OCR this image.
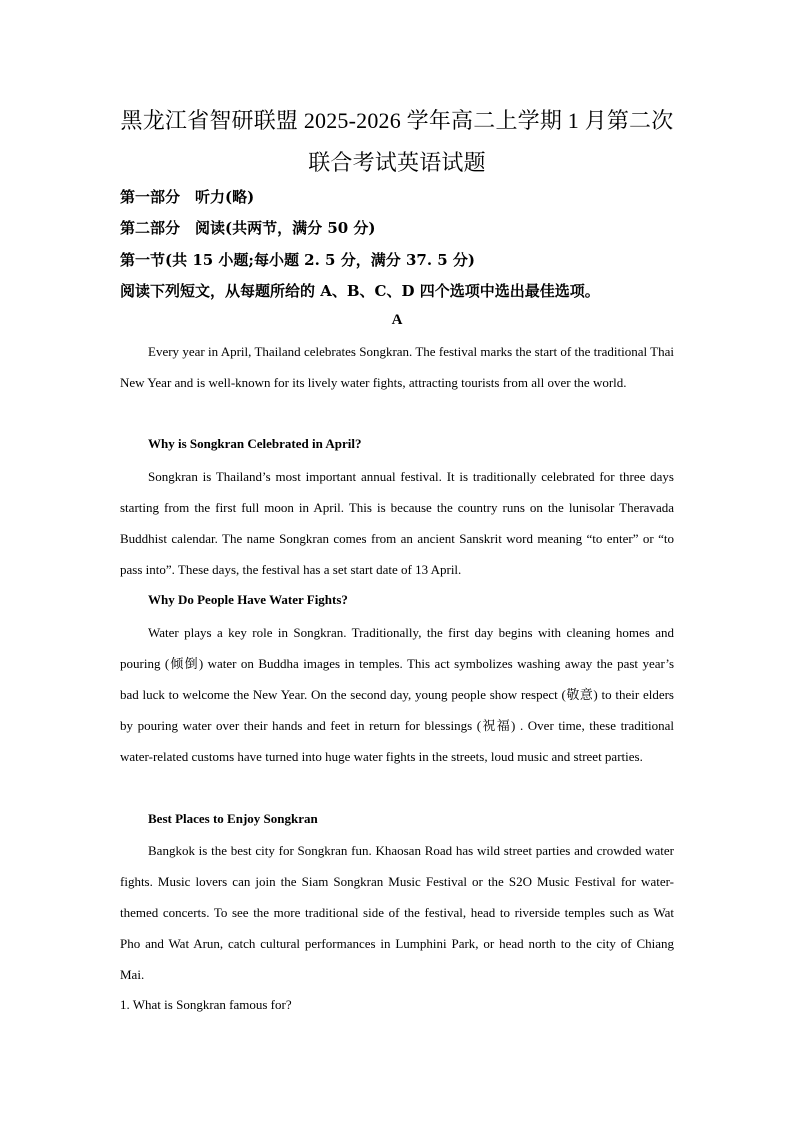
黑龙江省智研联盟 2025-2026 学年高二上学期 1 月第二次
联合考试英语试题
第一部分　听力(略)
第二部分　阅读(共两节，满分 50 分)
第一节(共 15 小题;每小题 2. 5 分，满分 37. 5 分)
阅读下列短文，从每题所给的 A、B、C、D 四个选项中选出最佳选项。
A

Every year in April, Thailand celebrates Songkran. The festival marks the start of the traditional Thai New Year and is well-known for its lively water fights, attracting tourists from all over the world.

Why is Songkran Celebrated in April?

Songkran is Thailand’s most important annual festival. It is traditionally celebrated for three days starting from the first full moon in April. This is because the country runs on the lunisolar Theravada Buddhist calendar. The name Songkran comes from an ancient Sanskrit word meaning “to enter” or “to pass into”. These days, the festival has a set start date of 13 April.

Why Do People Have Water Fights?

Water plays a key role in Songkran. Traditionally, the first day begins with cleaning homes and pouring (倾倒) water on Buddha images in temples. This act symbolizes washing away the past year’s bad luck to welcome the New Year. On the second day, young people show respect (敬意) to their elders by pouring water over their hands and feet in return for blessings (祝福) . Over time, these traditional water-related customs have turned into huge water fights in the streets, loud music and street parties.

Best Places to Enjoy Songkran

Bangkok is the best city for Songkran fun. Khaosan Road has wild street parties and crowded water fights. Music lovers can join the Siam Songkran Music Festival or the S2O Music Festival for water-themed concerts. To see the more traditional side of the festival, head to riverside temples such as Wat Pho and Wat Arun, catch cultural performances in Lumphini Park, or head north to the city of Chiang Mai.

1. What is Songkran famous for?
